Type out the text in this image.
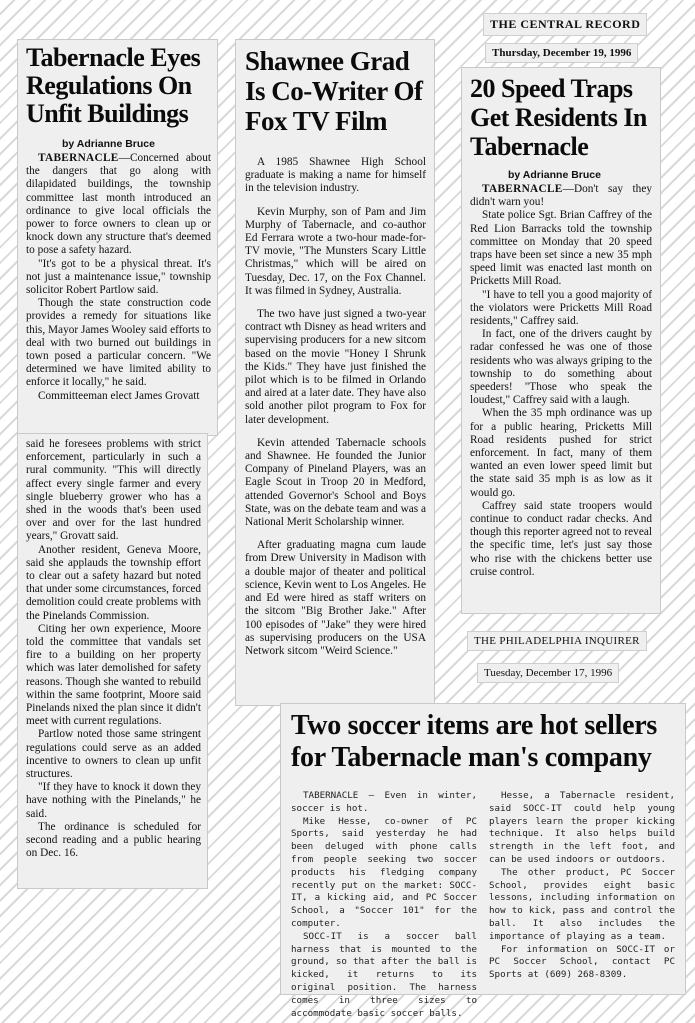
THE CENTRAL RECORD
Thursday, December 19, 1996
Tabernacle Eyes Regulations On Unfit Buildings
by Adrianne Bruce

TABERNACLE—Concerned about the dangers that go along with dilapidated buildings, the township committee last month introduced an ordinance to give local officials the power to force owners to clean up or knock down any structure that's deemed to pose a safety hazard.

"It's got to be a physical threat. It's not just a maintenance issue," township solicitor Robert Partlow said.

Though the state construction code provides a remedy for situations like this, Mayor James Wooley said efforts to deal with two burned out buildings in town posed a particular concern. "We determined we have limited ability to enforce it locally," he said.

Committeeman elect James Grovatt

said he foresees problems with strict enforcement, particularly in such a rural community. "This will directly affect every single farmer and every single blueberry grower who has a shed in the woods that's been used over and over for the last hundred years," Grovatt said.

Another resident, Geneva Moore, said she applauds the township effort to clear out a safety hazard but noted that under some circumstances, forced demolition could create problems with the Pinelands Commission.

Citing her own experience, Moore told the committee that vandals set fire to a building on her property which was later demolished for safety reasons. Though she wanted to rebuild within the same footprint, Moore said Pinelands nixed the plan since it didn't meet with current regulations.

Partlow noted those same stringent regulations could serve as an added incentive to owners to clean up unfit structures.

"If they have to knock it down they have nothing with the Pinelands," he said.

The ordinance is scheduled for second reading and a public hearing on Dec. 16.

Shawnee Grad Is Co-Writer Of Fox TV Film

A 1985 Shawnee High School graduate is making a name for himself in the television industry.

Kevin Murphy, son of Pam and Jim Murphy of Tabernacle, and co-author Ed Ferrara wrote a two-hour made-for-TV movie, "The Munsters Scary Little Christmas," which will be aired on Tuesday, Dec. 17, on the Fox Channel. It was filmed in Sydney, Australia.

The two have just signed a two-year contract wth Disney as head writers and supervising producers for a new sitcom based on the movie "Honey I Shrunk the Kids." They have just finished the pilot which is to be filmed in Orlando and aired at a later date. They have also sold another pilot program to Fox for later development.

Kevin attended Tabernacle schools and Shawnee. He founded the Junior Company of Pineland Players, was an Eagle Scout in Troop 20 in Medford, attended Governor's School and Boys State, was on the debate team and was a National Merit Scholarship winner.

After graduating magna cum laude from Drew University in Madison with a double major of theater and political science, Kevin went to Los Angeles. He and Ed were hired as staff writers on the sitcom "Big Brother Jake." After 100 episodes of "Jake" they were hired as supervising producers on the USA Network sitcom "Weird Science."

20 Speed Traps Get Residents In Tabernacle
by Adrianne Bruce

TABERNACLE—Don't say they didn't warn you!

State police Sgt. Brian Caffrey of the Red Lion Barracks told the township committee on Monday that 20 speed traps have been set since a new 35 mph speed limit was enacted last month on Pricketts Mill Road.

"I have to tell you a good majority of the violators were Pricketts Mill Road residents," Caffrey said.

In fact, one of the drivers caught by radar confessed he was one of those residents who was always griping to the township to do something about speeders! "Those who speak the loudest," Caffrey said with a laugh.

When the 35 mph ordinance was up for a public hearing, Pricketts Mill Road residents pushed for strict enforcement. In fact, many of them wanted an even lower speed limit but the state said 35 mph is as low as it would go.

Caffrey said state troopers would continue to conduct radar checks. And though this reporter agreed not to reveal the specific time, let's just say those who rise with the chickens better use cruise control.

THE PHILADELPHIA INQUIRER
Tuesday, December 17, 1996
Two soccer items are hot sellers for Tabernacle man's company

TABERNACLE — Even in winter, soccer is hot.

Mike Hesse, co-owner of PC Sports, said yesterday he had been deluged with phone calls from people seeking two soccer products his fledging company recently put on the market: SOCC-IT, a kicking aid, and PC Soccer School, a "Soccer 101" for the computer.

SOCC-IT is a soccer ball harness that is mounted to the ground, so that after the ball is kicked, it returns to its original position. The harness comes in three sizes to accommodate basic soccer balls.

Hesse, a Tabernacle resident, said SOCC-IT could help young players learn the proper kicking technique. It also helps build strength in the left foot, and can be used indoors or outdoors.

The other product, PC Soccer School, provides eight basic lessons, including information on how to kick, pass and control the ball. It also includes the importance of playing as a team.

For information on SOCC-IT or PC Soccer School, contact PC Sports at (609) 268-8309.
